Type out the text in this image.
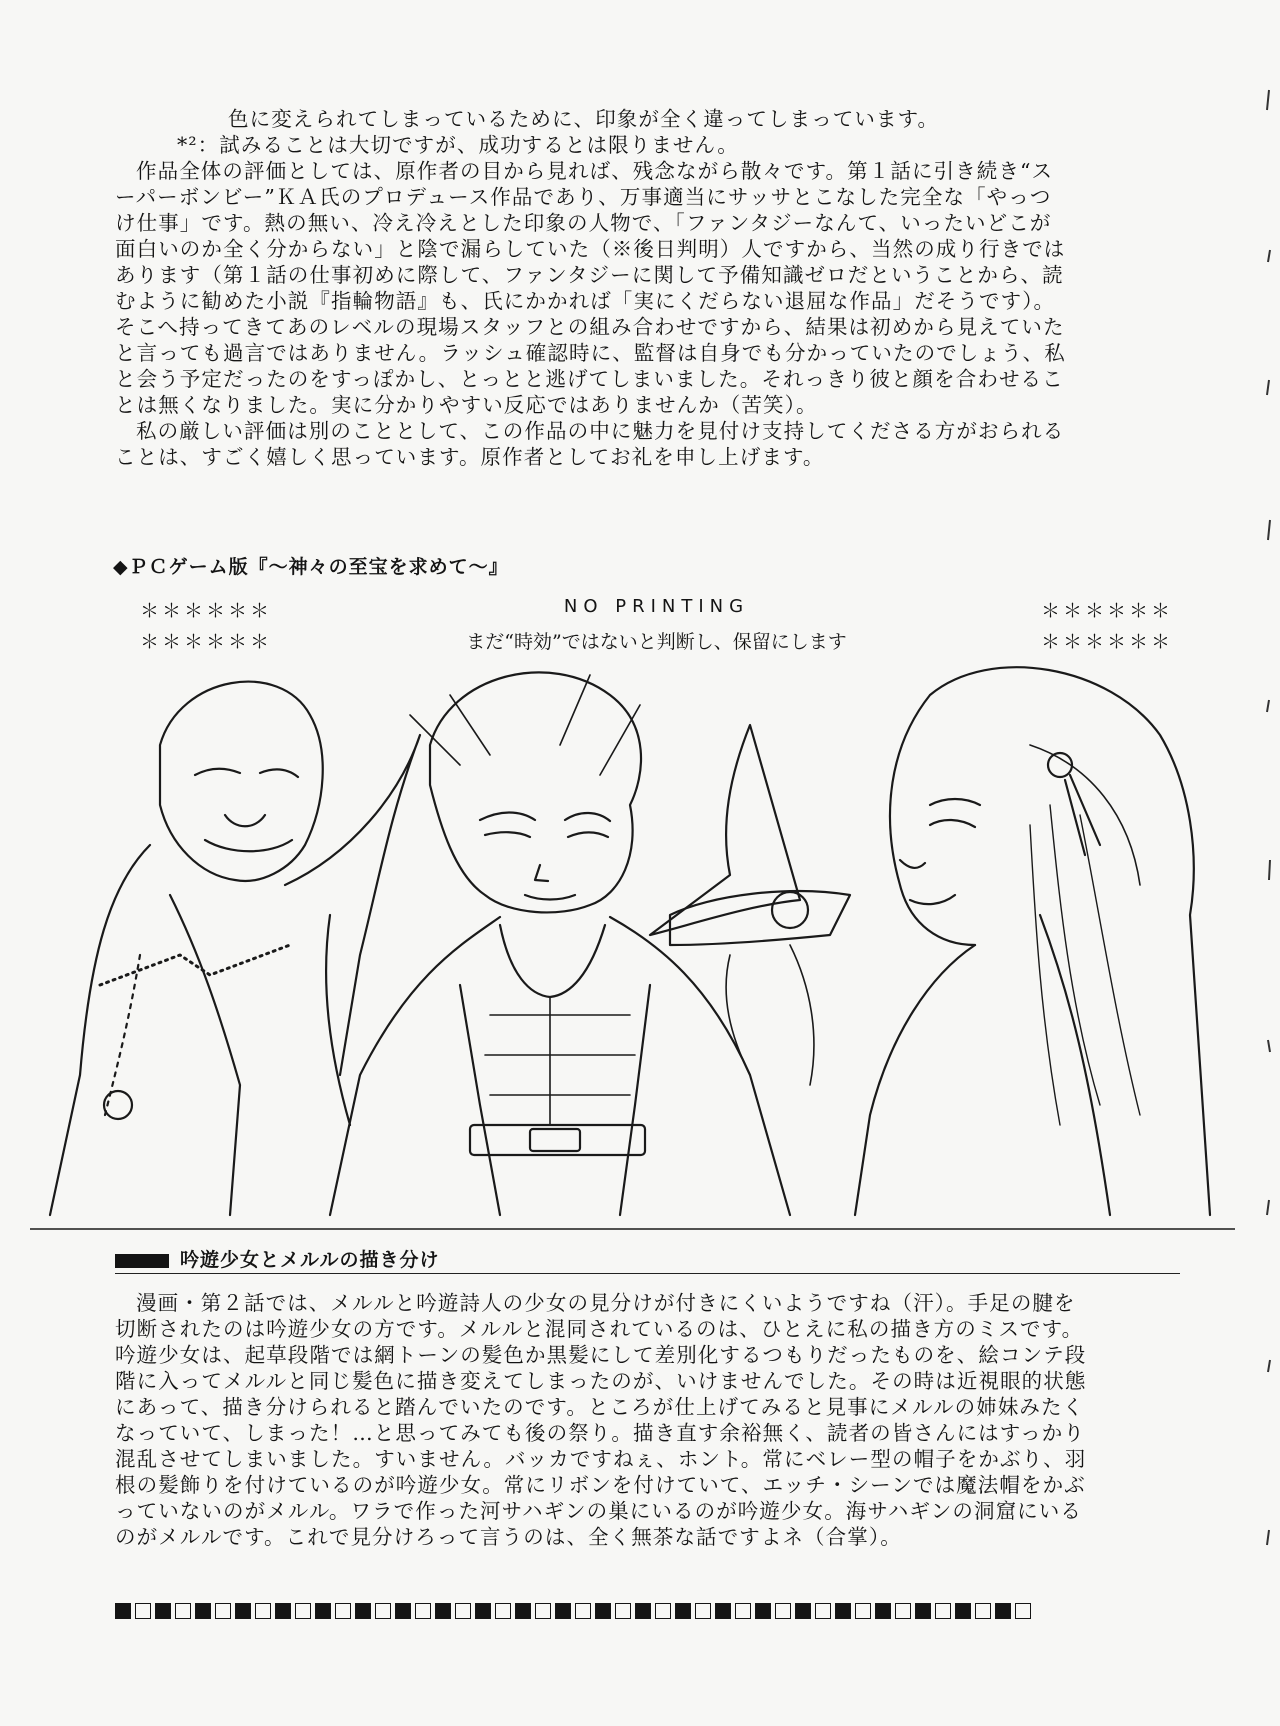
色に変えられてしまっているために、印象が全く違ってしまっています。
*²：試みることは大切ですが、成功するとは限りません。
作品全体の評価としては、原作者の目から見れば、残念ながら散々です。第１話に引き続き“ス
ーパーボンビー”ＫＡ氏のプロデュース作品であり、万事適当にサッサとこなした完全な「やっつ
け仕事」です。熱の無い、冷え冷えとした印象の人物で、「ファンタジーなんて、いったいどこが
面白いのか全く分からない」と陰で漏らしていた（※後日判明）人ですから、当然の成り行きでは
あります（第１話の仕事初めに際して、ファンタジーに関して予備知識ゼロだということから、読
むように勧めた小説『指輪物語』も、氏にかかれば「実にくだらない退屈な作品」だそうです）。
そこへ持ってきてあのレベルの現場スタッフとの組み合わせですから、結果は初めから見えていた
と言っても過言ではありません。ラッシュ確認時に、監督は自身でも分かっていたのでしょう、私
と会う予定だったのをすっぽかし、とっとと逃げてしまいました。それっきり彼と顔を合わせるこ
とは無くなりました。実に分かりやすい反応ではありませんか（苦笑）。
私の厳しい評価は別のこととして、この作品の中に魅力を見付け支持してくださる方がおられる
ことは、すごく嬉しく思っています。原作者としてお礼を申し上げます。
◆ＰＣゲーム版『～神々の至宝を求めて～』
＊＊＊＊＊＊	NO PRINTING	＊＊＊＊＊＊
＊＊＊＊＊＊	まだ“時効”ではないと判断し、保留にします	＊＊＊＊＊＊
吟遊少女とメルルの描き分け
漫画・第２話では、メルルと吟遊詩人の少女の見分けが付きにくいようですね（汗）。手足の腱を
切断されたのは吟遊少女の方です。メルルと混同されているのは、ひとえに私の描き方のミスです。
吟遊少女は、起草段階では網トーンの髪色か黒髪にして差別化するつもりだったものを、絵コンテ段
階に入ってメルルと同じ髪色に描き変えてしまったのが、いけませんでした。その時は近視眼的状態
にあって、描き分けられると踏んでいたのです。ところが仕上げてみると見事にメルルの姉妹みたく
なっていて、しまった！…と思ってみても後の祭り。描き直す余裕無く、読者の皆さんにはすっかり
混乱させてしまいました。すいません。バッカですねぇ、ホント。常にベレー型の帽子をかぶり、羽
根の髪飾りを付けているのが吟遊少女。常にリボンを付けていて、エッチ・シーンでは魔法帽をかぶ
っていないのがメルル。ワラで作った河サハギンの巣にいるのが吟遊少女。海サハギンの洞窟にいる
のがメルルです。これで見分けろって言うのは、全く無茶な話ですよネ（合掌）。
